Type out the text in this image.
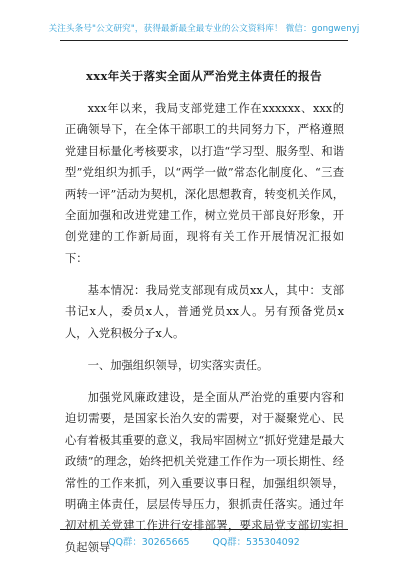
关注头条号"公文研究"，获得最新最全最专业的公文资料库！ 微信：gongwenyj
xxx年关于落实全面从严治党主体责任的报告

xxx年以来，我局支部党建工作在xxxxxx、xxx的正确领导下，在全体干部职工的共同努力下，严格遵照党建目标量化考核要求，以打造“学习型、服务型、和谐型”党组织为抓手，以“两学一做”常态化制度化、“三查两转一评”活动为契机，深化思想教育，转变机关作风，全面加强和改进党建工作，树立党员干部良好形象，开创党建的工作新局面，现将有关工作开展情况汇报如下：

基本情况：我局党支部现有成员xx人，其中：支部书记x人，委员x人，普通党员xx人。另有预备党员x人，入党积极分子x人。

一、加强组织领导，切实落实责任。

加强党风廉政建设，是全面从严治党的重要内容和迫切需要，是国家长治久安的需要，对于凝聚党心、民心有着极其重要的意义，我局牢固树立“抓好党建是最大政绩”的理念，始终把机关党建工作作为一项长期性、经常性的工作来抓，列入重要议事日程，加强组织领导，明确主体责任，层层传导压力，狠抓责任落实。通过年初对机关党建工作进行安排部署，要求局党支部切实担负起领导

QQ群：30265665 QQ群：535304092
